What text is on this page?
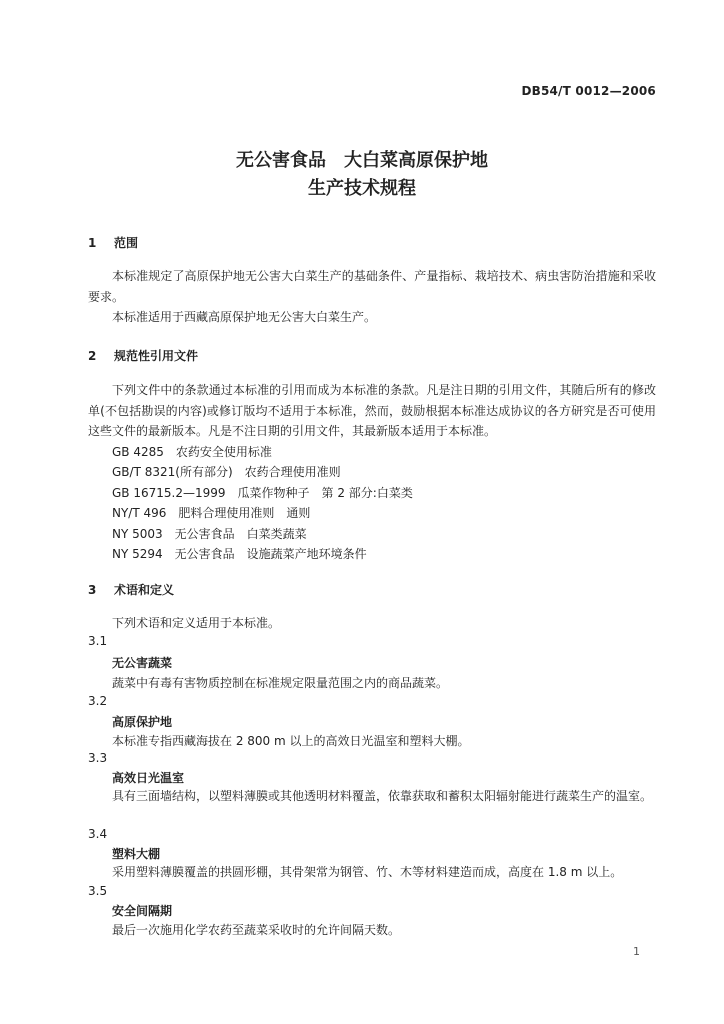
DB54/T 0012—2006
无公害食品　大白菜高原保护地
生产技术规程
1 范围
本标准规定了高原保护地无公害大白菜生产的基础条件、产量指标、栽培技术、病虫害防治措施和采收要求。
本标准适用于西藏高原保护地无公害大白菜生产。
2 规范性引用文件
下列文件中的条款通过本标准的引用而成为本标准的条款。凡是注日期的引用文件，其随后所有的修改单(不包括勘误的内容)或修订版均不适用于本标准，然而，鼓励根据本标准达成协议的各方研究是否可使用这些文件的最新版本。凡是不注日期的引用文件，其最新版本适用于本标准。
GB 4285　农药安全使用标准
GB/T 8321(所有部分)　农药合理使用准则
GB 16715.2—1999　瓜菜作物种子　第 2 部分:白菜类
NY/T 496　肥料合理使用准则　通则
NY 5003　无公害食品　白菜类蔬菜
NY 5294　无公害食品　设施蔬菜产地环境条件
3 术语和定义
下列术语和定义适用于本标准。
3.1
无公害蔬菜
蔬菜中有毒有害物质控制在标准规定限量范围之内的商品蔬菜。
3.2
高原保护地
本标准专指西藏海拔在 2 800 m 以上的高效日光温室和塑料大棚。
3.3
高效日光温室
具有三面墙结构，以塑料薄膜或其他透明材料覆盖，依靠获取和蓄积太阳辐射能进行蔬菜生产的温室。
3.4
塑料大棚
采用塑料薄膜覆盖的拱圆形棚，其骨架常为钢管、竹、木等材料建造而成，高度在 1.8 m 以上。
3.5
安全间隔期
最后一次施用化学农药至蔬菜采收时的允许间隔天数。
1
